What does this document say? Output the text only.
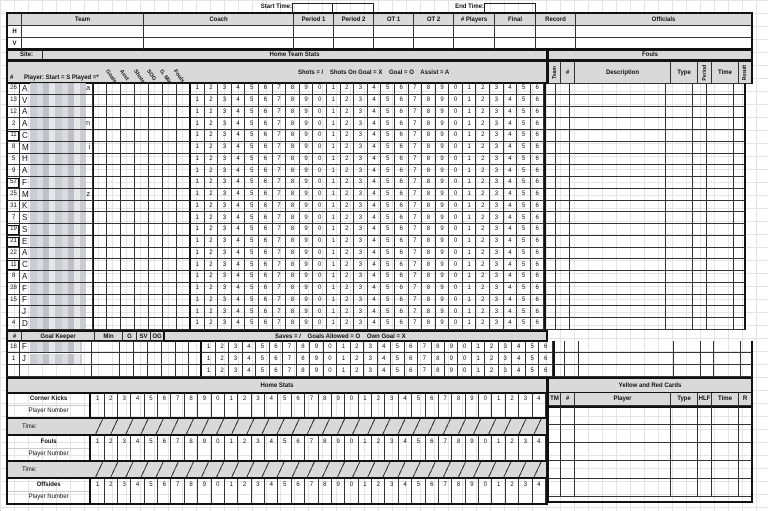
Start Time:	End Time:
Team	Coach	Period 1	Period 2	OT 1	OT 2	# Players	Final	Record	Officials
H
V
Site:	Home Team Stats	Fouls
# Player: Start = S Played =* Goals Asst Shots SOG G. Min Fouls	Shots = /    Shots On Goal = X    Goal = O    Assist = A	Team	#	Description	Type	Period	Time	Result
26 A	a	1	2	3	4	5	6	7	8	9	0	1	2	3	4	5	6	7	8	9	0	1	2	3	4	5	6
13 V	1	2	3	4	5	6	7	8	9	0	1	2	3	4	5	6	7	8	9	0	1	2	3	4	5	6
12 A	1	2	3	4	5	6	7	8	9	0	1	2	3	4	5	6	7	8	9	0	1	2	3	4	5	6
2 A	n	1	2	3	4	5	6	7	8	9	0	1	2	3	4	5	6	7	8	9	0	1	2	3	4	5	6
11 C	1	2	3	4	5	6	7	8	9	0	1	2	3	4	5	6	7	8	9	0	1	2	3	4	5	6
8 M	i	1	2	3	4	5	6	7	8	9	0	1	2	3	4	5	6	7	8	9	0	1	2	3	4	5	6
5 H	1	2	3	4	5	6	7	8	9	0	1	2	3	4	5	6	7	8	9	0	1	2	3	4	5	6
9 A	1	2	3	4	5	6	7	8	9	0	1	2	3	4	5	6	7	8	9	0	1	2	3	4	5	6
57 F	1	2	3	4	5	6	7	8	9	0	1	2	3	4	5	6	7	8	9	0	1	2	3	4	5	6
25 M	z	1	2	3	4	5	6	7	8	9	0	1	2	3	4	5	6	7	8	9	0	1	2	3	4	5	6
31 K	1	2	3	4	5	6	7	8	9	0	1	2	3	4	5	6	7	8	9	0	1	2	3	4	5	6
7 S	1	2	3	4	5	6	7	8	9	0	1	2	3	4	5	6	7	8	9	0	1	2	3	4	5	6
19 S	1	2	3	4	5	6	7	8	9	0	1	2	3	4	5	6	7	8	9	0	1	2	3	4	5	6
21 E	1	2	3	4	5	6	7	8	9	0	1	2	3	4	5	6	7	8	9	0	1	2	3	4	5	6
22 A	1	2	3	4	5	6	7	8	9	0	1	2	3	4	5	6	7	8	9	0	1	2	3	4	5	6
11 C	1	2	3	4	5	6	7	8	9	0	1	2	3	4	5	6	7	8	9	0	1	2	3	4	5	6
8 A	1	2	3	4	5	6	7	8	9	0	1	2	3	4	5	6	7	8	9	0	1	2	3	4	5	6
28 F	1	2	3	4	5	6	7	8	9	0	1	2	3	4	5	6	7	8	9	0	1	2	3	4	5	6
15 F	1	2	3	4	5	6	7	8	9	0	1	2	3	4	5	6	7	8	9	0	1	2	3	4	5	6
J	1	2	3	4	5	6	7	8	9	0	1	2	3	4	5	6	7	8	9	0	1	2	3	4	5	6
4 D	1	2	3	4	5	6	7	8	9	0	1	2	3	4	5	6	7	8	9	0	1	2	3	4	5	6
#	Goal Keeper	Min	G	SV OG	Saves = /    Goals Allowed = O    Own Goal = X
18 F	1	2	3	4	5	6	7	8	9	0	1	2	3	4	5	6	7	8	9	0	1	2	3	4	5	6
1 J	1	2	3	4	5	6	7	8	9	0	1	2	3	4	5	6	7	8	9	0	1	2	3	4	5	6
1	2	3	4	5	6	7	8	9	0	1	2	3	4	5	6	7	8	9	0	1	2	3	4	5	6
Home Stats	Yellow and Red Cards
TM	#	Player	Type	HLF	Time	R
Corner Kicks
Player Number
1	2	3	4	5	6	7	8	9	0	1	2	3	4	5	6	7	8	9	0	1	2	3	4	5	6	7	8	9	0	1	2	3	4
Time:
Fouls
Player Number
1	2	3	4	5	6	7	8	9	0	1	2	3	4	5	6	7	8	9	0	1	2	3	4	5	6	7	8	9	0	1	2	3	4
Time:
Offsides
Player Number
1	2	3	4	5	6	7	8	9	0	1	2	3	4	5	6	7	8	9	0	1	2	3	4	5	6	7	8	9	0	1	2	3	4
